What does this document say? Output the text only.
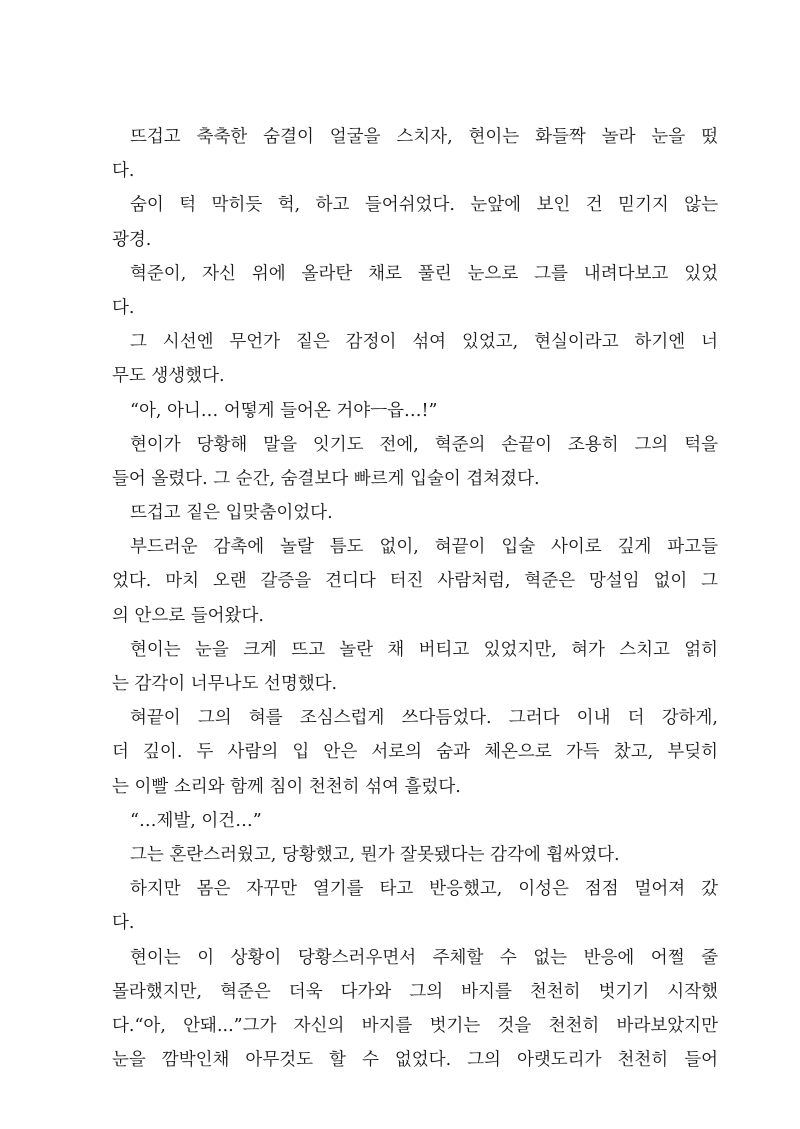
뜨겁고 축축한 숨결이 얼굴을 스치자, 현이는 화들짝 놀라 눈을 떴
다.
숨이 턱 막히듯 헉, 하고 들어쉬었다. 눈앞에 보인 건 믿기지 않는
광경.
혁준이, 자신 위에 올라탄 채로 풀린 눈으로 그를 내려다보고 있었
다.
그 시선엔 무언가 짙은 감정이 섞여 있었고, 현실이라고 하기엔 너
무도 생생했다.
“아, 아니… 어떻게 들어온 거야ㅡ읍…!”
현이가 당황해 말을 잇기도 전에, 혁준의 손끝이 조용히 그의 턱을
들어 올렸다. 그 순간, 숨결보다 빠르게 입술이 겹쳐졌다.
뜨겁고 짙은 입맞춤이었다.
부드러운 감촉에 놀랄 틈도 없이, 혀끝이 입술 사이로 깊게 파고들
었다. 마치 오랜 갈증을 견디다 터진 사람처럼, 혁준은 망설임 없이 그
의 안으로 들어왔다.
현이는 눈을 크게 뜨고 놀란 채 버티고 있었지만, 혀가 스치고 얽히
는 감각이 너무나도 선명했다.
혀끝이 그의 혀를 조심스럽게 쓰다듬었다. 그러다 이내 더 강하게,
더 깊이. 두 사람의 입 안은 서로의 숨과 체온으로 가득 찼고, 부딪히
는 이빨 소리와 함께 침이 천천히 섞여 흘렀다.
“…제발, 이건…”
그는 혼란스러웠고, 당황했고, 뭔가 잘못됐다는 감각에 휩싸였다.
하지만 몸은 자꾸만 열기를 타고 반응했고, 이성은 점점 멀어져 갔
다.
현이는 이 상황이 당황스러우면서 주체할 수 없는 반응에 어쩔 줄
몰라했지만, 혁준은 더욱 다가와 그의 바지를 천천히 벗기기 시작했
다.“아, 안돼...”그가 자신의 바지를 벗기는 것을 천천히 바라보았지만
눈을 깜박인채 아무것도 할 수 없었다. 그의 아랫도리가 천천히 들어
